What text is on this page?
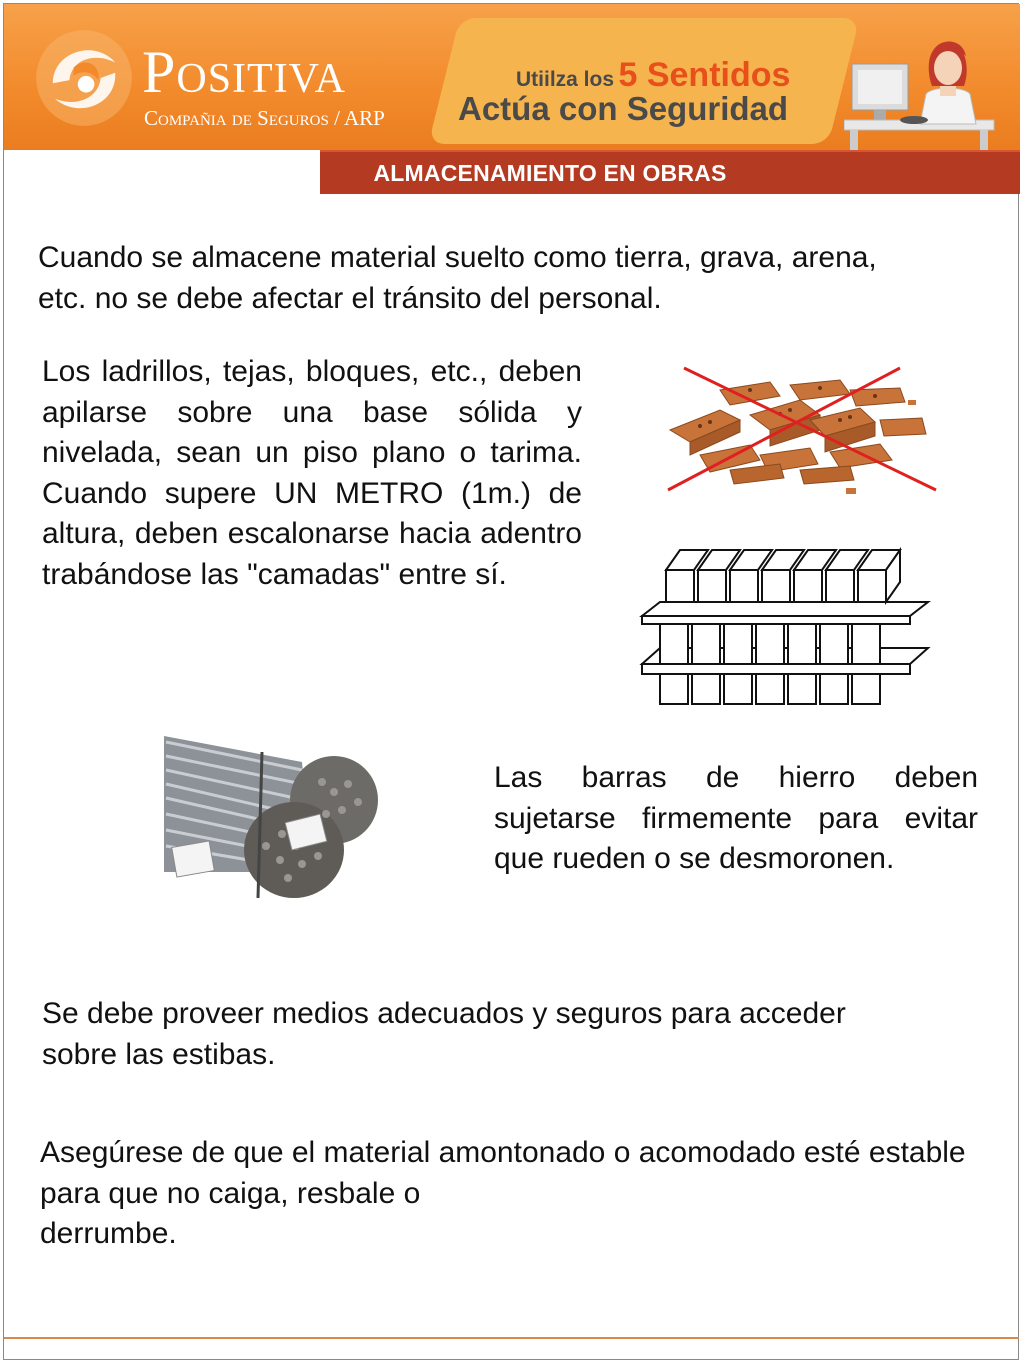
Positiva
Compañia de Seguros / ARP
Utiilza los 5 Sentidos
Actúa con Seguridad
ALMACENAMIENTO EN OBRAS
Cuando se almacene material suelto como tierra, grava, arena, etc. no se debe afectar el tránsito del personal.
Los ladrillos, tejas, bloques, etc., deben apilarse sobre una base sólida y nivelada, sean un piso plano o tarima. Cuando supere UN METRO (1m.) de altura, deben escalonarse hacia adentro trabándose las "camadas" entre sí.
Las barras de hierro deben sujetarse firmemente para evitar que rueden o se desmoronen.
Se debe proveer medios adecuados y seguros para acceder sobre las estibas.
Asegúrese de que el material amontonado o acomodado esté estable para que no caiga, resbale o
derrumbe.
